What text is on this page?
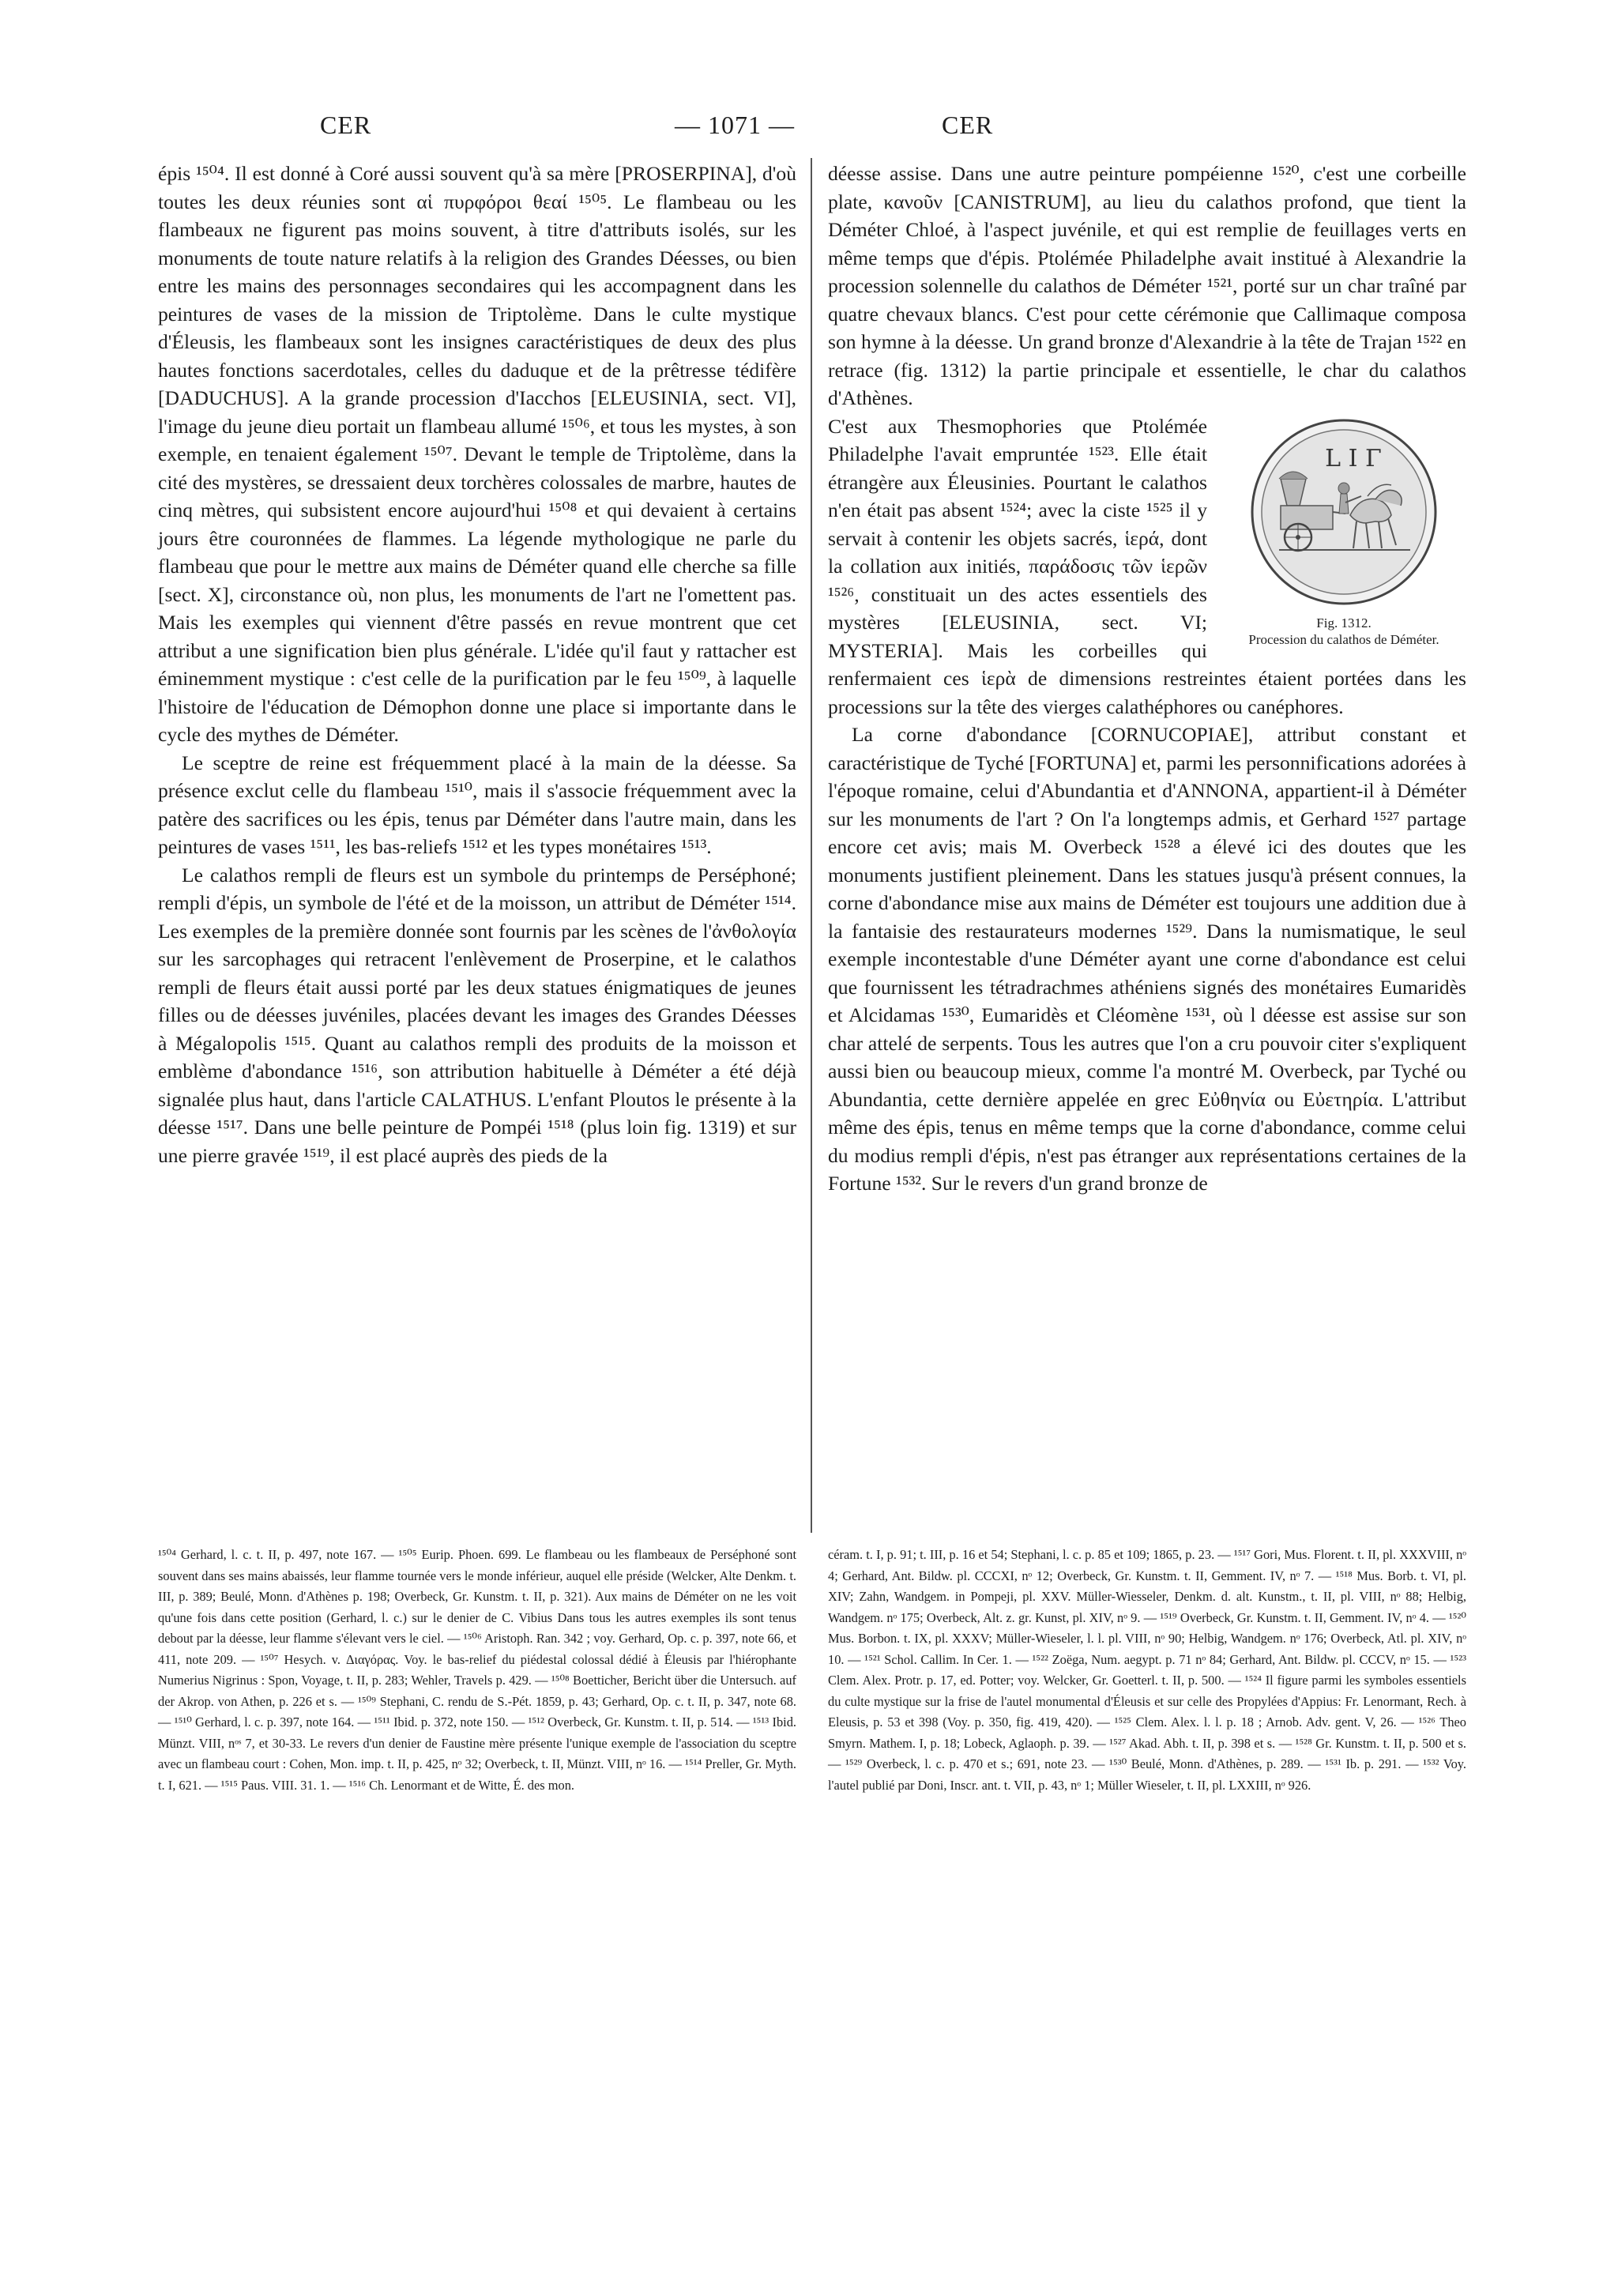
CER	— 1071 —	CER

épis ¹⁵⁰⁴. Il est donné à Coré aussi souvent qu'à sa mère [PROSERPINA], d'où toutes les deux réunies sont αἱ πυρφόροι θεαί ¹⁵⁰⁵. Le flambeau ou les flambeaux ne figurent pas moins souvent, à titre d'attributs isolés, sur les monuments de toute nature relatifs à la religion des Grandes Déesses, ou bien entre les mains des personnages secondaires qui les accompagnent dans les peintures de vases de la mission de Triptolème. Dans le culte mystique d'Éleusis, les flambeaux sont les insignes caractéristiques de deux des plus hautes fonctions sacerdotales, celles du daduque et de la prêtresse tédifère [DADUCHUS]. A la grande procession d'Iacchos [ELEUSINIA, sect. VI], l'image du jeune dieu portait un flambeau allumé ¹⁵⁰⁶, et tous les mystes, à son exemple, en tenaient également ¹⁵⁰⁷. Devant le temple de Triptolème, dans la cité des mystères, se dressaient deux torchères colossales de marbre, hautes de cinq mètres, qui subsistent encore aujourd'hui ¹⁵⁰⁸ et qui devaient à certains jours être couronnées de flammes. La légende mythologique ne parle du flambeau que pour le mettre aux mains de Déméter quand elle cherche sa fille [sect. X], circonstance où, non plus, les monuments de l'art ne l'omettent pas. Mais les exemples qui viennent d'être passés en revue montrent que cet attribut a une signification bien plus générale. L'idée qu'il faut y rattacher est éminemment mystique : c'est celle de la purification par le feu ¹⁵⁰⁹, à laquelle l'histoire de l'éducation de Démophon donne une place si importante dans le cycle des mythes de Déméter.

Le sceptre de reine est fréquemment placé à la main de la déesse. Sa présence exclut celle du flambeau ¹⁵¹⁰, mais il s'associe fréquemment avec la patère des sacrifices ou les épis, tenus par Déméter dans l'autre main, dans les peintures de vases ¹⁵¹¹, les bas-reliefs ¹⁵¹² et les types monétaires ¹⁵¹³.

Le calathos rempli de fleurs est un symbole du printemps de Perséphoné; rempli d'épis, un symbole de l'été et de la moisson, un attribut de Déméter ¹⁵¹⁴. Les exemples de la première donnée sont fournis par les scènes de l'ἀνθολογία sur les sarcophages qui retracent l'enlèvement de Proserpine, et le calathos rempli de fleurs était aussi porté par les deux statues énigmatiques de jeunes filles ou de déesses juvéniles, placées devant les images des Grandes Déesses à Mégalopolis ¹⁵¹⁵. Quant au calathos rempli des produits de la moisson et emblème d'abondance ¹⁵¹⁶, son attribution habituelle à Déméter a été déjà signalée plus haut, dans l'article CALATHUS. L'enfant Ploutos le présente à la déesse ¹⁵¹⁷. Dans une belle peinture de Pompéi ¹⁵¹⁸ (plus loin fig. 1319) et sur une pierre gravée ¹⁵¹⁹, il est placé auprès des pieds de la

déesse assise. Dans une autre peinture pompéienne ¹⁵²⁰, c'est une corbeille plate, κανοῦν [CANISTRUM], au lieu du calathos profond, que tient la Déméter Chloé, à l'aspect juvénile, et qui est remplie de feuillages verts en même temps que d'épis. Ptolémée Philadelphe avait institué à Alexandrie la procession solennelle du calathos de Déméter ¹⁵²¹, porté sur un char traîné par quatre chevaux blancs. C'est pour cette cérémonie que Callimaque composa son hymne à la déesse. Un grand bronze d'Alexandrie à la tête de Trajan ¹⁵²² en retrace (fig. 1312) la partie principale et essentielle, le char du calathos d'Athènes.

L I Γ
Fig. 1312.
Procession du calathos de Déméter.

C'est aux Thesmophories que Ptolémée Philadelphe l'avait empruntée ¹⁵²³. Elle était étrangère aux Éleusinies. Pourtant le calathos n'en était pas absent ¹⁵²⁴; avec la ciste ¹⁵²⁵ il y servait à contenir les objets sacrés, ἱερά, dont la collation aux initiés, παράδοσις τῶν ἱερῶν ¹⁵²⁶, constituait un des actes essentiels des mystères [ELEUSINIA, sect. VI; MYSTERIA]. Mais les corbeilles qui renfermaient ces ἱερὰ de dimensions restreintes étaient portées dans les processions sur la tête des vierges calathéphores ou canéphores.

La corne d'abondance [CORNUCOPIAE], attribut constant et caractéristique de Tyché [FORTUNA] et, parmi les personnifications adorées à l'époque romaine, celui d'Abundantia et d'ANNONA, appartient-il à Déméter sur les monuments de l'art ? On l'a longtemps admis, et Gerhard ¹⁵²⁷ partage encore cet avis; mais M. Overbeck ¹⁵²⁸ a élevé ici des doutes que les monuments justifient pleinement. Dans les statues jusqu'à présent connues, la corne d'abondance mise aux mains de Déméter est toujours une addition due à la fantaisie des restaurateurs modernes ¹⁵²⁹. Dans la numismatique, le seul exemple incontestable d'une Déméter ayant une corne d'abondance est celui que fournissent les tétradrachmes athéniens signés des monétaires Eumaridès et Alcidamas ¹⁵³⁰, Eumaridès et Cléomène ¹⁵³¹, où l déesse est assise sur son char attelé de serpents. Tous les autres que l'on a cru pouvoir citer s'expliquent aussi bien ou beaucoup mieux, comme l'a montré M. Overbeck, par Tyché ou Abundantia, cette dernière appelée en grec Εὐθηνία ou Εὐετηρία. L'attribut même des épis, tenus en même temps que la corne d'abondance, comme celui du modius rempli d'épis, n'est pas étranger aux représentations certaines de la Fortune ¹⁵³². Sur le revers d'un grand bronze de

¹⁵⁰⁴ Gerhard, l. c. t. II, p. 497, note 167. — ¹⁵⁰⁵ Eurip. Phoen. 699. Le flambeau ou les flambeaux de Perséphoné sont souvent dans ses mains abaissés, leur flamme tournée vers le monde inférieur, auquel elle préside (Welcker, Alte Denkm. t. III, p. 389; Beulé, Monn. d'Athènes p. 198; Overbeck, Gr. Kunstm. t. II, p. 321). Aux mains de Déméter on ne les voit qu'une fois dans cette position (Gerhard, l. c.) sur le denier de C. Vibius Dans tous les autres exemples ils sont tenus debout par la déesse, leur flamme s'élevant vers le ciel. — ¹⁵⁰⁶ Aristoph. Ran. 342 ; voy. Gerhard, Op. c. p. 397, note 66, et 411, note 209. — ¹⁵⁰⁷ Hesych. v. Διαγόρας. Voy. le bas-relief du piédestal colossal dédié à Éleusis par l'hiérophante Numerius Nigrinus : Spon, Voyage, t. II, p. 283; Wehler, Travels p. 429. — ¹⁵⁰⁸ Boetticher, Bericht über die Untersuch. auf der Akrop. von Athen, p. 226 et s. — ¹⁵⁰⁹ Stephani, C. rendu de S.-Pét. 1859, p. 43; Gerhard, Op. c. t. II, p. 347, note 68. — ¹⁵¹⁰ Gerhard, l. c. p. 397, note 164. — ¹⁵¹¹ Ibid. p. 372, note 150. — ¹⁵¹² Overbeck, Gr. Kunstm. t. II, p. 514. — ¹⁵¹³ Ibid. Münzt. VIII, nᵒˢ 7, et 30-33. Le revers d'un denier de Faustine mère présente l'unique exemple de l'association du sceptre avec un flambeau court : Cohen, Mon. imp. t. II, p. 425, nᵒ 32; Overbeck, t. II, Münzt. VIII, nᵒ 16. — ¹⁵¹⁴ Preller, Gr. Myth. t. I, 621. — ¹⁵¹⁵ Paus. VIII. 31. 1. — ¹⁵¹⁶ Ch. Lenormant et de Witte, É. des mon.

céram. t. I, p. 91; t. III, p. 16 et 54; Stephani, l. c. p. 85 et 109; 1865, p. 23. — ¹⁵¹⁷ Gori, Mus. Florent. t. II, pl. XXXVIII, nᵒ 4; Gerhard, Ant. Bildw. pl. CCCXI, nᵒ 12; Overbeck, Gr. Kunstm. t. II, Gemment. IV, nᵒ 7. — ¹⁵¹⁸ Mus. Borb. t. VI, pl. XIV; Zahn, Wandgem. in Pompeji, pl. XXV. Müller-Wiesseler, Denkm. d. alt. Kunstm., t. II, pl. VIII, nᵒ 88; Helbig, Wandgem. nᵒ 175; Overbeck, Alt. z. gr. Kunst, pl. XIV, nᵒ 9. — ¹⁵¹⁹ Overbeck, Gr. Kunstm. t. II, Gemment. IV, nᵒ 4. — ¹⁵²⁰ Mus. Borbon. t. IX, pl. XXXV; Müller-Wieseler, l. l. pl. VIII, nᵒ 90; Helbig, Wandgem. nᵒ 176; Overbeck, Atl. pl. XIV, nᵒ 10. — ¹⁵²¹ Schol. Callim. In Cer. 1. — ¹⁵²² Zoëga, Num. aegypt. p. 71 nᵒ 84; Gerhard, Ant. Bildw. pl. CCCV, nᵒ 15. — ¹⁵²³ Clem. Alex. Protr. p. 17, ed. Potter; voy. Welcker, Gr. Goetterl. t. II, p. 500. — ¹⁵²⁴ Il figure parmi les symboles essentiels du culte mystique sur la frise de l'autel monumental d'Éleusis et sur celle des Propylées d'Appius: Fr. Lenormant, Rech. à Eleusis, p. 53 et 398 (Voy. p. 350, fig. 419, 420). — ¹⁵²⁵ Clem. Alex. l. l. p. 18 ; Arnob. Adv. gent. V, 26. — ¹⁵²⁶ Theo Smyrn. Mathem. I, p. 18; Lobeck, Aglaoph. p. 39. — ¹⁵²⁷ Akad. Abh. t. II, p. 398 et s. — ¹⁵²⁸ Gr. Kunstm. t. II, p. 500 et s. — ¹⁵²⁹ Overbeck, l. c. p. 470 et s.; 691, note 23. — ¹⁵³⁰ Beulé, Monn. d'Athènes, p. 289. — ¹⁵³¹ Ib. p. 291. — ¹⁵³² Voy. l'autel publié par Doni, Inscr. ant. t. VII, p. 43, nᵒ 1; Müller Wieseler, t. II, pl. LXXIII, nᵒ 926.
